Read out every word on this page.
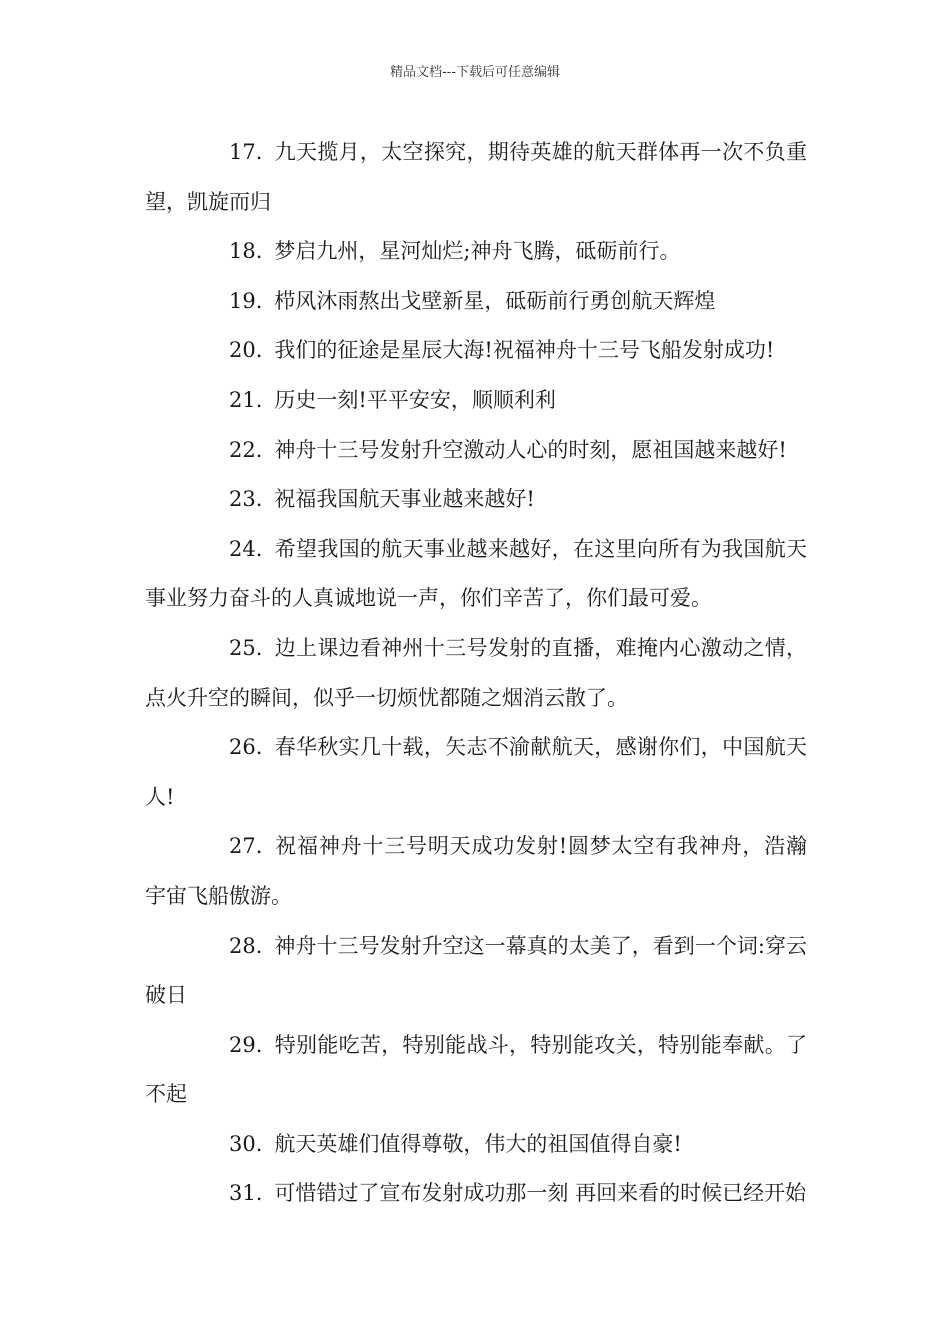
精品文档---下载后可任意编辑

17. 九天揽月，太空探究，期待英雄的航天群体再一次不负重望，凯旋而归

18. 梦启九州，星河灿烂;神舟飞腾，砥砺前行。

19. 栉风沐雨熬出戈壁新星，砥砺前行勇创航天辉煌

20. 我们的征途是星辰大海!祝福神舟十三号飞船发射成功!

21. 历史一刻!平平安安，顺顺利利

22. 神舟十三号发射升空激动人心的时刻，愿祖国越来越好!

23. 祝福我国航天事业越来越好!

24. 希望我国的航天事业越来越好，在这里向所有为我国航天事业努力奋斗的人真诚地说一声，你们辛苦了，你们最可爱。

25. 边上课边看神州十三号发射的直播，难掩内心激动之情，点火升空的瞬间，似乎一切烦忧都随之烟消云散了。

26. 春华秋实几十载，矢志不渝献航天，感谢你们，中国航天人!

27. 祝福神舟十三号明天成功发射!圆梦太空有我神舟，浩瀚宇宙飞船傲游。

28. 神舟十三号发射升空这一幕真的太美了，看到一个词:穿云破日

29. 特别能吃苦，特别能战斗，特别能攻关，特别能奉献。了不起

30. 航天英雄们值得尊敬，伟大的祖国值得自豪!

31. 可惜错过了宣布发射成功那一刻 再回来看的时候已经开始
